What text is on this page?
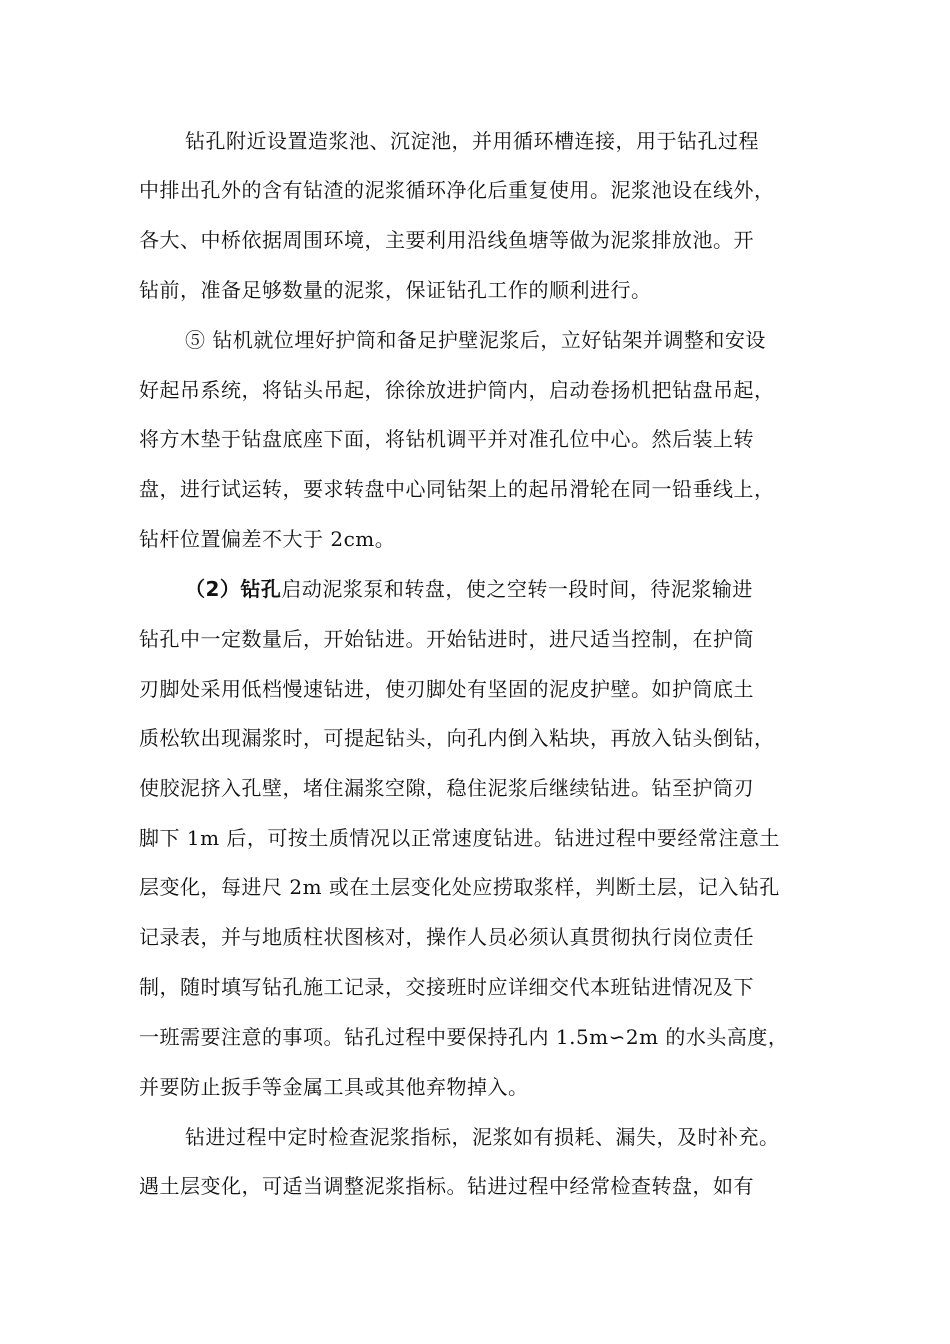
钻孔附近设置造浆池、沉淀池，并用循环槽连接，用于钻孔过程
中排出孔外的含有钻渣的泥浆循环净化后重复使用。泥浆池设在线外，
各大、中桥依据周围环境，主要利用沿线鱼塘等做为泥浆排放池。开
钻前，准备足够数量的泥浆，保证钻孔工作的顺利进行。
⑤ 钻机就位埋好护筒和备足护壁泥浆后，立好钻架并调整和安设
好起吊系统，将钻头吊起，徐徐放进护筒内，启动卷扬机把钻盘吊起，
将方木垫于钻盘底座下面，将钻机调平并对准孔位中心。然后装上转
盘，进行试运转，要求转盘中心同钻架上的起吊滑轮在同一铅垂线上，
钻杆位置偏差不大于 2cm。
（2）钻孔启动泥浆泵和转盘，使之空转一段时间，待泥浆输进
钻孔中一定数量后，开始钻进。开始钻进时，进尺适当控制，在护筒
刃脚处采用低档慢速钻进，使刃脚处有坚固的泥皮护壁。如护筒底土
质松软出现漏浆时，可提起钻头，向孔内倒入粘块，再放入钻头倒钻，
使胶泥挤入孔壁，堵住漏浆空隙，稳住泥浆后继续钻进。钻至护筒刃
脚下 1m 后，可按土质情况以正常速度钻进。钻进过程中要经常注意土
层变化，每进尺 2m 或在土层变化处应捞取浆样，判断土层，记入钻孔
记录表，并与地质柱状图核对，操作人员必须认真贯彻执行岗位责任
制，随时填写钻孔施工记录，交接班时应详细交代本班钻进情况及下
一班需要注意的事项。钻孔过程中要保持孔内 1.5m∽2m 的水头高度，
并要防止扳手等金属工具或其他弃物掉入。
钻进过程中定时检查泥浆指标，泥浆如有损耗、漏失，及时补充。
遇土层变化，可适当调整泥浆指标。钻进过程中经常检查转盘，如有
